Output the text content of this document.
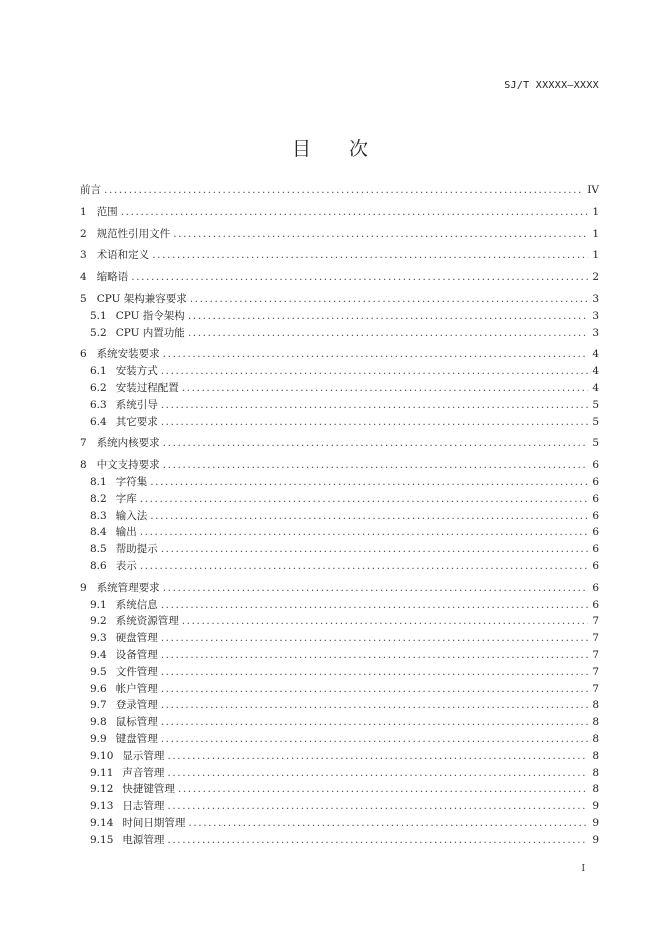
SJ/T XXXXX—XXXX
目 次
前言 .....	IV
1 范围 .....	1
2 规范性引用文件 .....	1
3 术语和定义 .....	1
4 缩略语 .....	2
5 CPU 架构兼容要求 .....	3
5.1 CPU 指令架构 .....	3
5.2 CPU 内置功能 .....	3
6 系统安装要求 .....	4
6.1 安装方式 .....	4
6.2 安装过程配置 .....	4
6.3 系统引导 .....	5
6.4 其它要求 .....	5
7 系统内核要求 .....	5
8 中文支持要求 .....	6
8.1 字符集 .....	6
8.2 字库 .....	6
8.3 输入法 .....	6
8.4 输出 .....	6
8.5 帮助提示 .....	6
8.6 表示 .....	6
9 系统管理要求 .....	6
9.1 系统信息 .....	6
9.2 系统资源管理 .....	7
9.3 硬盘管理 .....	7
9.4 设备管理 .....	7
9.5 文件管理 .....	7
9.6 帐户管理 .....	7
9.7 登录管理 .....	8
9.8 鼠标管理 .....	8
9.9 键盘管理 .....	8
9.10 显示管理 .....	8
9.11 声音管理 .....	8
9.12 快捷键管理 .....	8
9.13 日志管理 .....	9
9.14 时间日期管理 .....	9
9.15 电源管理 .....	9
I
